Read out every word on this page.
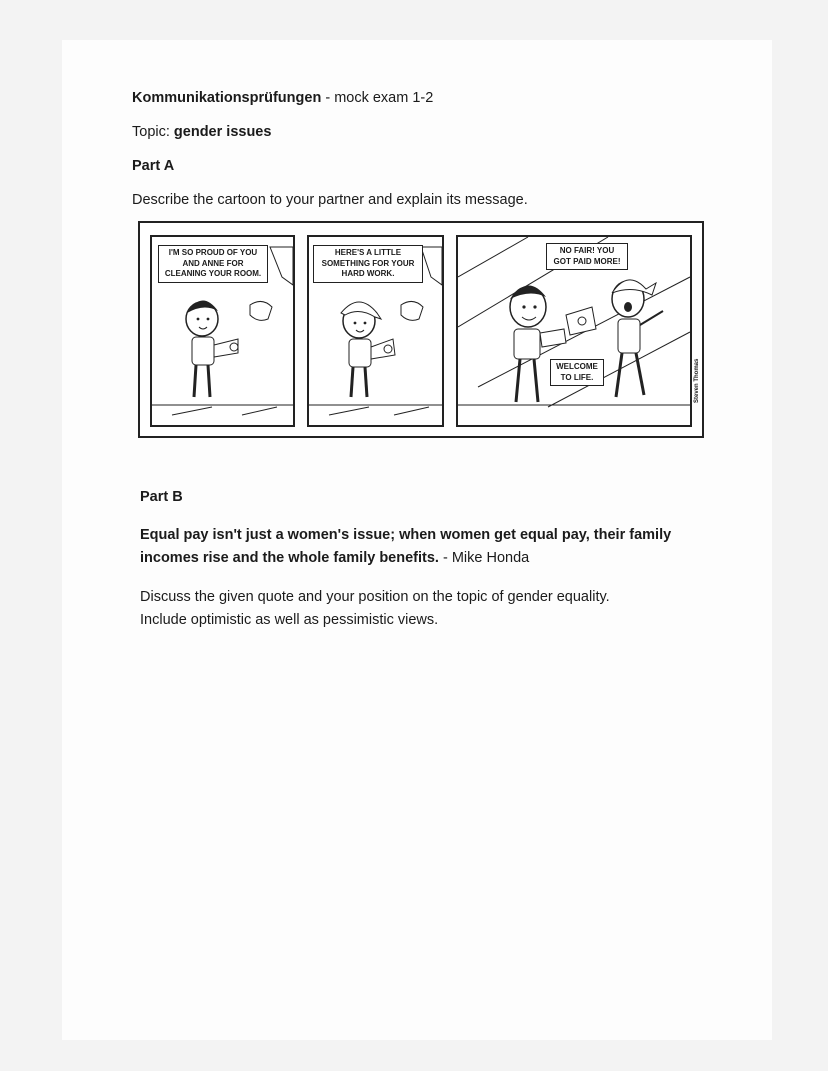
Kommunikationsprüfungen - mock exam 1-2
Topic: gender issues
Part A
Describe the cartoon to your partner and explain its message.
I'M SO PROUD OF YOU
AND ANNE FOR
CLEANING YOUR ROOM.
HERE'S A LITTLE
SOMETHING FOR YOUR
HARD WORK.
NO FAIR! YOU
GOT PAID MORE!
WELCOME
TO LIFE.	Steven Thomas
Part B
Equal pay isn't just a women's issue; when women get equal pay, their family
incomes rise and the whole family benefits. - Mike Honda
Discuss the given quote and your position on the topic of gender equality.
Include optimistic as well as pessimistic views.
